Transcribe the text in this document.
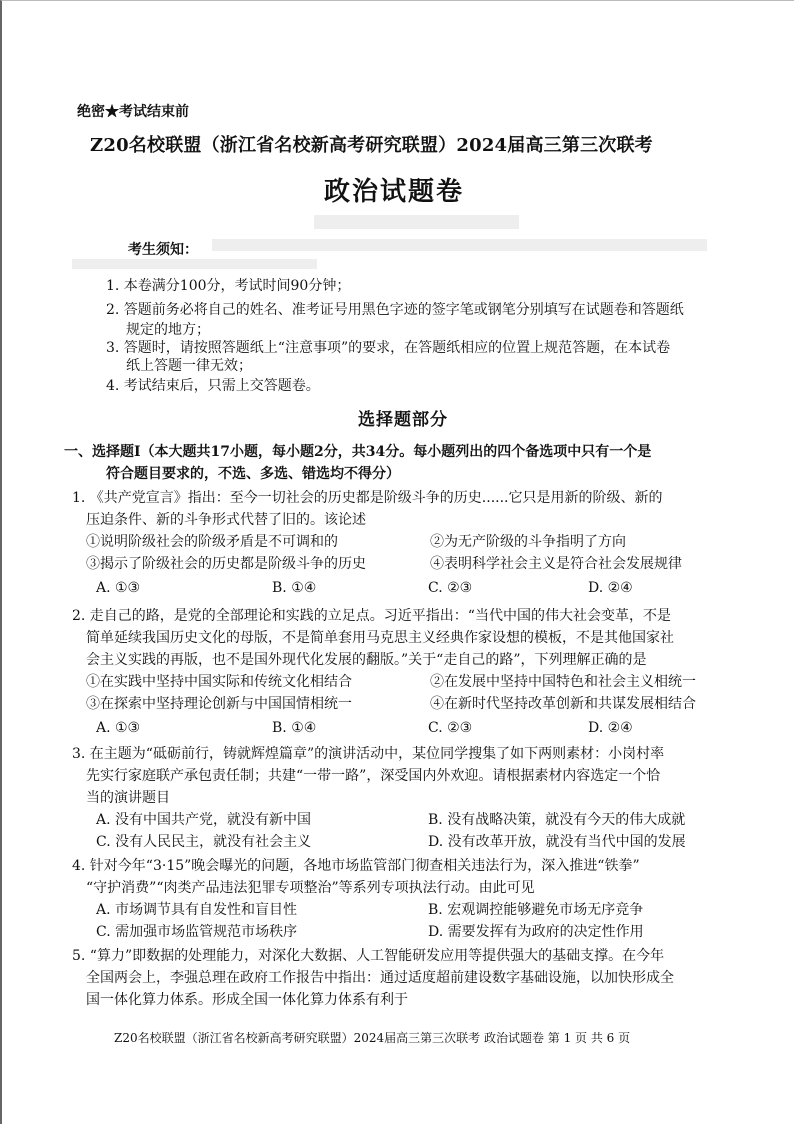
绝密★考试结束前
Z20名校联盟（浙江省名校新高考研究联盟）2024届高三第三次联考
政治试题卷
考生须知：
1. 本卷满分100分，考试时间90分钟；
2. 答题前务必将自己的姓名、准考证号用黑色字迹的签字笔或钢笔分别填写在试题卷和答题纸
规定的地方；
3. 答题时，请按照答题纸上“注意事项”的要求，在答题纸相应的位置上规范答题，在本试卷
纸上答题一律无效；
4. 考试结束后，只需上交答题卷。
选择题部分
一、选择题Ⅰ（本大题共17小题，每小题2分，共34分。每小题列出的四个备选项中只有一个是
符合题目要求的，不选、多选、错选均不得分）
1. 《共产党宣言》指出：至今一切社会的历史都是阶级斗争的历史......它只是用新的阶级、新的
压迫条件、新的斗争形式代替了旧的。该论述
①说明阶级社会的阶级矛盾是不可调和的	②为无产阶级的斗争指明了方向
③揭示了阶级社会的历史都是阶级斗争的历史	④表明科学社会主义是符合社会发展规律
A. ①③	B. ①④	C. ②③	D. ②④
2. 走自己的路，是党的全部理论和实践的立足点。习近平指出：“当代中国的伟大社会变革，不是
简单延续我国历史文化的母版，不是简单套用马克思主义经典作家设想的模板，不是其他国家社
会主义实践的再版，也不是国外现代化发展的翻版。”关于“走自己的路”，下列理解正确的是
①在实践中坚持中国实际和传统文化相结合	②在发展中坚持中国特色和社会主义相统一
③在探索中坚持理论创新与中国国情相统一	④在新时代坚持改革创新和共谋发展相结合
A. ①③	B. ①④	C. ②③	D. ②④
3. 在主题为“砥砺前行，铸就辉煌篇章”的演讲活动中，某位同学搜集了如下两则素材：小岗村率
先实行家庭联产承包责任制；共建“一带一路”，深受国内外欢迎。请根据素材内容选定一个恰
当的演讲题目
A. 没有中国共产党，就没有新中国	B. 没有战略决策，就没有今天的伟大成就
C. 没有人民民主，就没有社会主义	D. 没有改革开放，就没有当代中国的发展
4. 针对今年“3·15”晚会曝光的问题，各地市场监管部门彻查相关违法行为，深入推进“铁拳”
“守护消费”“肉类产品违法犯罪专项整治”等系列专项执法行动。由此可见
A. 市场调节具有自发性和盲目性	B. 宏观调控能够避免市场无序竞争
C. 需加强市场监管规范市场秩序	D. 需要发挥有为政府的决定性作用
5. “算力”即数据的处理能力，对深化大数据、人工智能研发应用等提供强大的基础支撑。在今年
全国两会上，李强总理在政府工作报告中指出：通过适度超前建设数字基础设施，以加快形成全
国一体化算力体系。形成全国一体化算力体系有利于
Z20名校联盟（浙江省名校新高考研究联盟）2024届高三第三次联考 政治试题卷 第 1 页 共 6 页
